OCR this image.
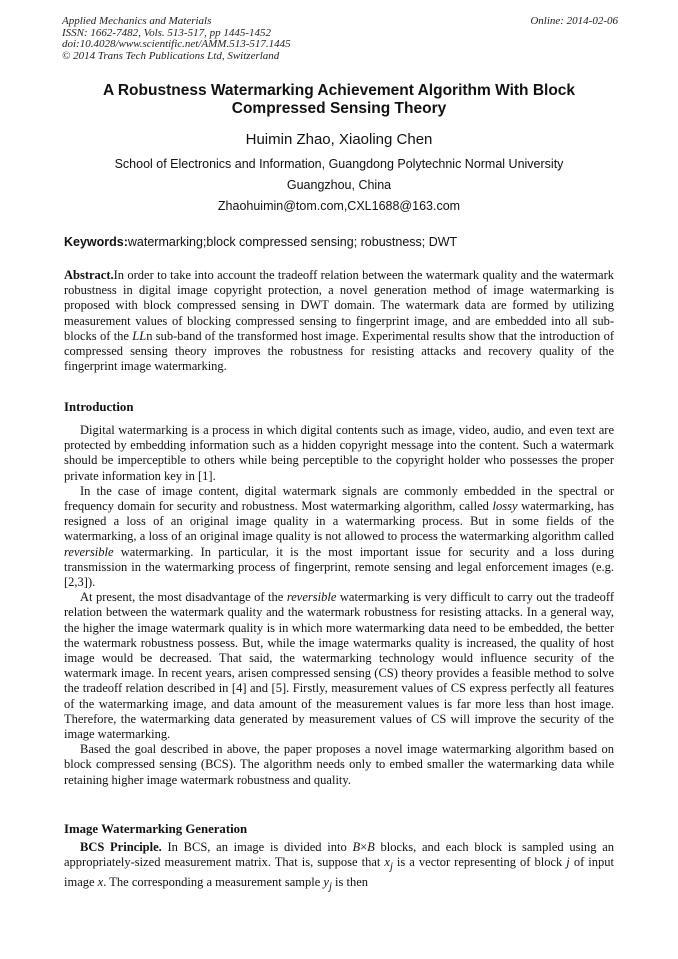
Applied Mechanics and Materials
ISSN: 1662-7482, Vols. 513-517, pp 1445-1452
doi:10.4028/www.scientific.net/AMM.513-517.1445
© 2014 Trans Tech Publications Ltd, Switzerland
Online: 2014-02-06
A Robustness Watermarking Achievement Algorithm With Block Compressed Sensing Theory
Huimin Zhao, Xiaoling Chen
School of Electronics and Information, Guangdong Polytechnic Normal University
Guangzhou, China
Zhaohuimin@tom.com,CXL1688@163.com
Keywords:watermarking;block compressed sensing; robustness; DWT

Abstract.In order to take into account the tradeoff relation between the watermark quality and the watermark robustness in digital image copyright protection, a novel generation method of image watermarking is proposed with block compressed sensing in DWT domain. The watermark data are formed by utilizing measurement values of blocking compressed sensing to fingerprint image, and are embedded into all sub-blocks of the LLn sub-band of the transformed host image. Experimental results show that the introduction of compressed sensing theory improves the robustness for resisting attacks and recovery quality of the fingerprint image watermarking.

Introduction

Digital watermarking is a process in which digital contents such as image, video, audio, and even text are protected by embedding information such as a hidden copyright message into the content. Such a watermark should be imperceptible to others while being perceptible to the copyright holder who possesses the proper private information key in [1].

In the case of image content, digital watermark signals are commonly embedded in the spectral or frequency domain for security and robustness. Most watermarking algorithm, called lossy watermarking, has resigned a loss of an original image quality in a watermarking process. But in some fields of the watermarking, a loss of an original image quality is not allowed to process the watermarking algorithm called reversible watermarking. In particular, it is the most important issue for security and a loss during transmission in the watermarking process of fingerprint, remote sensing and legal enforcement images (e.g.[2,3]).

At present, the most disadvantage of the reversible watermarking is very difficult to carry out the tradeoff relation between the watermark quality and the watermark robustness for resisting attacks. In a general way, the higher the image watermark quality is in which more watermarking data need to be embedded, the better the watermark robustness possess. But, while the image watermarks quality is increased, the quality of host image would be decreased. That said, the watermarking technology would influence security of the watermark image. In recent years, arisen compressed sensing (CS) theory provides a feasible method to solve the tradeoff relation described in [4] and [5]. Firstly, measurement values of CS express perfectly all features of the watermarking image, and data amount of the measurement values is far more less than host image. Therefore, the watermarking data generated by measurement values of CS will improve the security of the image watermarking.

Based the goal described in above, the paper proposes a novel image watermarking algorithm based on block compressed sensing (BCS). The algorithm needs only to embed smaller the watermarking data while retaining higher image watermark robustness and quality.

Image Watermarking Generation

BCS Principle. In BCS, an image is divided into B×B blocks, and each block is sampled using an appropriately-sized measurement matrix. That is, suppose that $x_j$ is a vector representing of block j of input image x. The corresponding a measurement sample $y_j$ is then
